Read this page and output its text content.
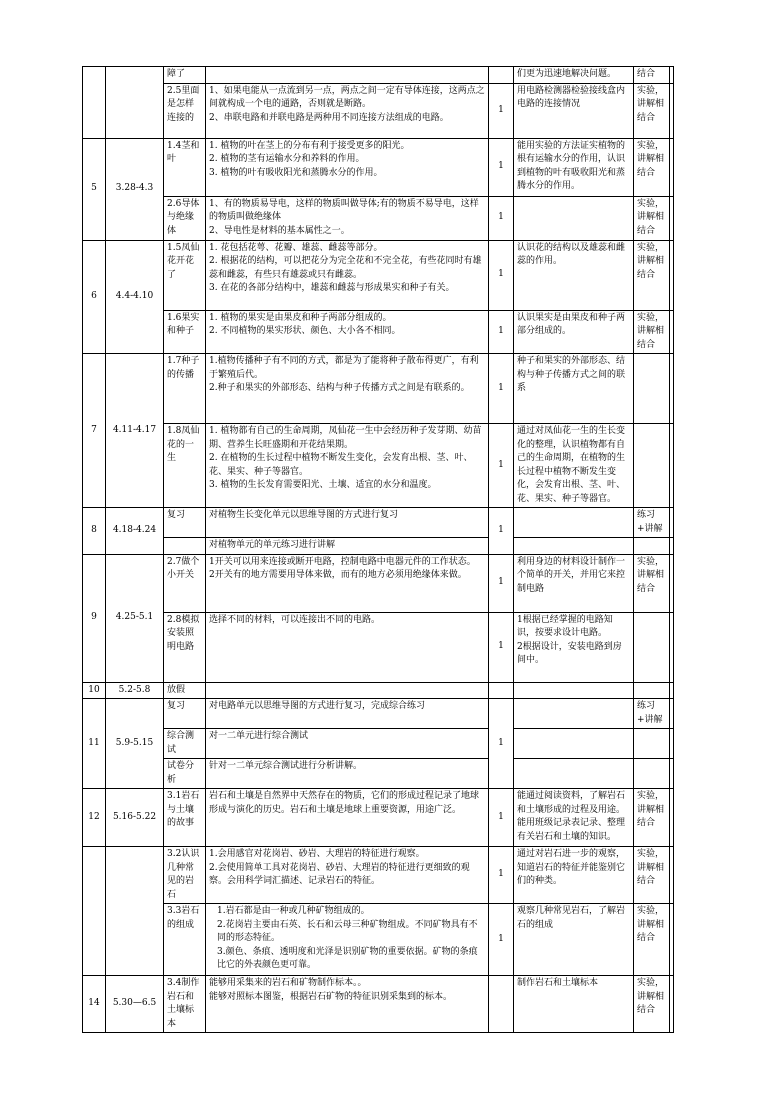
		障了			们更为迅速地解决问题。	结合	

		2.5里面是怎样连接的	1、如果电能从一点流到另一点，两点之间一定有导体连接，这两点之间就构成一个电的通路，否则就是断路。
2、串联电路和并联电路是两种用不同连接方法组成的电路。	1	用电路检测器检验接线盒内电路的连接情况	实验，讲解相结合	

5	3.28-4.3	1.4茎和叶	1. 植物的叶在茎上的分布有利于接受更多的阳光。
2. 植物的茎有运输水分和养料的作用。
3. 植物的叶有吸收阳光和蒸腾水分的作用。	1	能用实验的方法证实植物的根有运输水分的作用，认识到植物的叶有吸收阳光和蒸腾水分的作用。	实验，讲解相结合	

		2.6导体与绝缘体	1、有的物质易导电，这样的物质叫做导体;有的物质不易导电，这样的物质叫做绝缘体
2、导电性是材料的基本属性之一。	1		实验，讲解相结合	

6	4.4-4.10	1.5凤仙花开花了	1. 花包括花萼、花瓣、雄蕊、雌蕊等部分。
2. 根据花的结构，可以把花分为完全花和不完全花，有些花同时有雄蕊和雌蕊，有些只有雄蕊或只有雌蕊。
3. 在花的各部分结构中，雄蕊和雌蕊与形成果实和种子有关。	1	认识花的结构以及雄蕊和雌蕊的作用。	实验，讲解相结合	

		1.6果实和种子	1. 植物的果实是由果皮和种子两部分组成的。
2. 不同植物的果实形状、颜色、大小各不相同。	1	认识果实是由果皮和种子两部分组成的。	实验，讲解相结合	

7	4.11-4.17	1.7种子的传播	1.植物传播种子有不同的方式，都是为了能将种子散布得更广，有利于繁殖后代。
2.种子和果实的外部形态、结构与种子传播方式之间是有联系的。	1	种子和果实的外部形态、结构与种子传播方式之间的联系		

		1.8凤仙花的一生	1. 植物都有自己的生命周期，凤仙花一生中会经历种子发芽期、幼苗期、营养生长旺盛期和开花结果期。
2. 在植物的生长过程中植物不断发生变化，会发育出根、茎、叶、花、果实、种子等器官。
3. 植物的生长发育需要阳光、土壤、适宜的水分和温度。	1	通过对凤仙花一生的生长变化的整理，认识植物都有自己的生命周期，在植物的生长过程中植物不断发生变化，会发育出根、茎、叶、花、果实、种子等器官。		

8	4.18-4.24	复习	对植物生长变化单元以思维导图的方式进行复习	1		练习+讲解	

			对植物单元的单元练习进行讲解				

9	4.25-5.1	2.7做个小开关	1开关可以用来连接或断开电路，控制电路中电器元件的工作状态。
2开关有的地方需要用导体来做，而有的地方必须用绝缘体来做。	1	利用身边的材料设计制作一个简单的开关，并用它来控制电路	实验，讲解相结合	

		2.8模拟安装照明电路	选择不同的材料，可以连接出不同的电路。	1	1根据已经掌握的电路知识，按要求设计电路。
2根据设计，安装电路到房间中。		

10	5.2-5.8	放假					
11	5.9-5.15	复习	对电路单元以思维导图的方式进行复习，完成综合练习	1		练习+讲解	

		综合测试	对一二单元进行综合测试				

		试卷分析	针对一二单元综合测试进行分析讲解。				

12	5.16-5.22	3.1岩石与土壤的故事	岩石和土壤是自然界中天然存在的物质，它们的形成过程记录了地球形成与演化的历史。岩石和土壤是地球上重要资源，用途广泛。	1	能通过阅读资料，了解岩石和土壤形成的过程及用途。能用班级记录表记录、整理有关岩石和土壤的知识。	实验，讲解相结合	

		3.2认识几种常见的岩石	1.会用感官对花岗岩、砂岩、大理岩的特征进行观察。
2.会使用简单工具对花岗岩、砂岩、大理岩的特征进行更细致的观察。会用科学词汇描述、记录岩石的特征。	1	通过对岩石进一步的观察，知道岩石的特征并能鉴别它们的种类。	实验，讲解相结合	

		3.3岩石的组成	1.岩石都是由一种或几种矿物组成的。
2.花岗岩主要由石英、长石和云母三种矿物组成。不同矿物具有不同的形态特征。
3.颜色、条痕、透明度和光泽是识别矿物的重要依据。矿物的条痕比它的外表颜色更可靠。	1	观察几种常见岩石，了解岩石的组成	实验，讲解相结合	

14	5.30—6.5	3.4制作岩石和土壤标本	能够用采集来的岩石和矿物制作标本。。
能够对照标本图鉴，根据岩石矿物的特征识别采集到的标本。		制作岩石和土壤标本	实验，讲解相结合	
